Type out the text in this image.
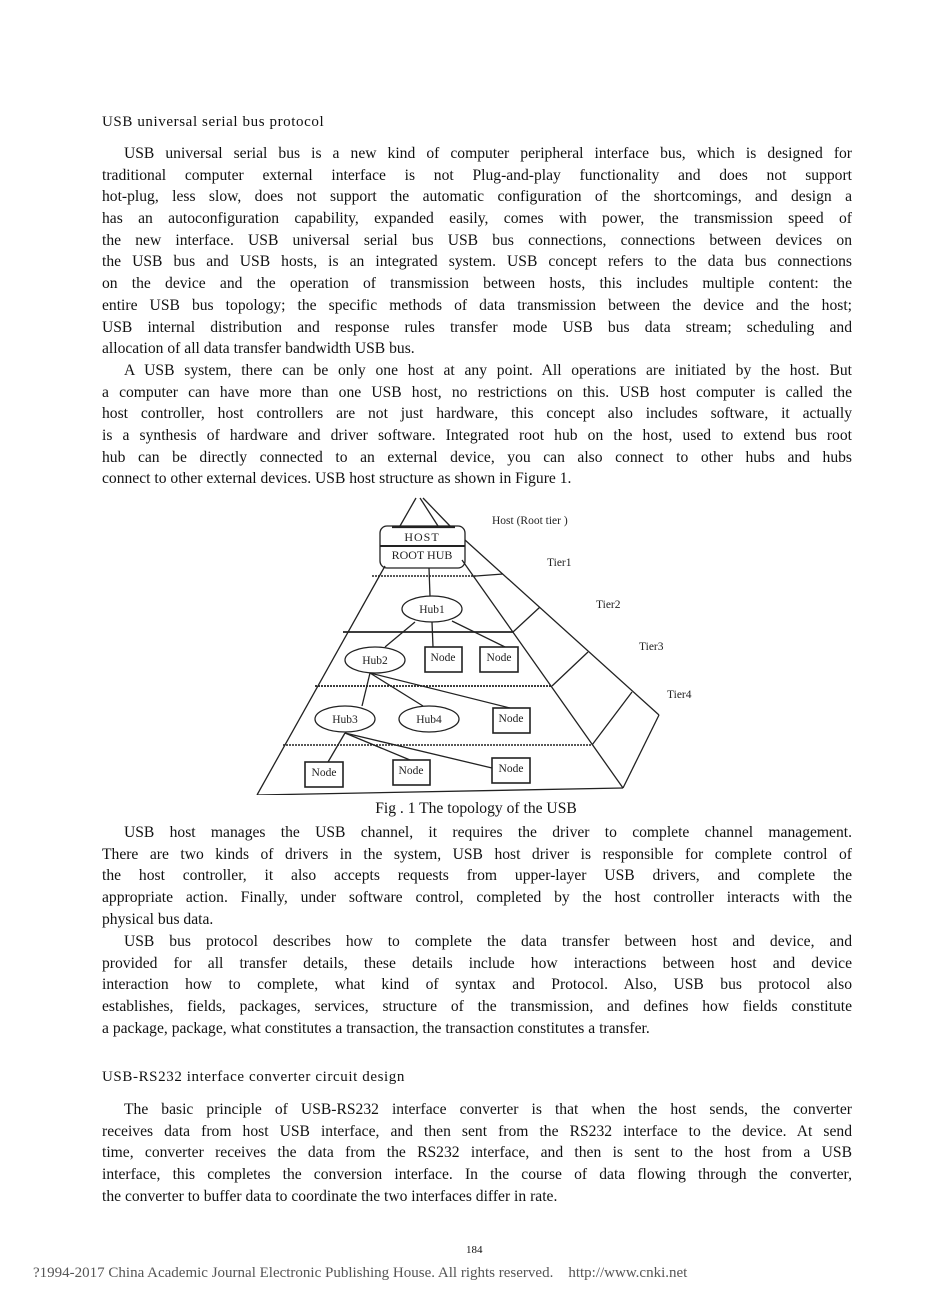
USB universal serial bus protocol
USB universal serial bus is a new kind of computer peripheral interface bus, which is designed for
traditional computer external interface is not Plug-and-play functionality and does not support
hot-plug, less slow, does not support the automatic configuration of the shortcomings, and design a
has an autoconfiguration capability, expanded easily, comes with power, the transmission speed of
the new interface. USB universal serial bus USB bus connections, connections between devices on
the USB bus and USB hosts, is an integrated system. USB concept refers to the data bus connections
on the device and the operation of transmission between hosts, this includes multiple content: the
entire USB bus topology; the specific methods of data transmission between the device and the host;
USB internal distribution and response rules transfer mode USB bus data stream; scheduling and
allocation of all data transfer bandwidth USB bus.
A USB system, there can be only one host at any point. All operations are initiated by the host. But
a computer can have more than one USB host, no restrictions on this. USB host computer is called the
host controller, host controllers are not just hardware, this concept also includes software, it actually
is a synthesis of hardware and driver software. Integrated root hub on the host, used to extend bus root
hub can be directly connected to an external device, you can also connect to other hubs and hubs
connect to other external devices. USB host structure as shown in Figure 1.
HOST
ROOT HUB
Host (Root tier )
Tier1
Tier2
Tier3
Tier4
Hub1
Hub2
Hub3	Hub4
Node	Node
Node
Node	Node	Node
Fig . 1 The topology of the USB
USB host manages the USB channel, it requires the driver to complete channel management.
There are two kinds of drivers in the system, USB host driver is responsible for complete control of
the host controller, it also accepts requests from upper-layer USB drivers, and complete the
appropriate action. Finally, under software control, completed by the host controller interacts with the
physical bus data.
USB bus protocol describes how to complete the data transfer between host and device, and
provided for all transfer details, these details include how interactions between host and device
interaction how to complete, what kind of syntax and Protocol. Also, USB bus protocol also
establishes, fields, packages, services, structure of the transmission, and defines how fields constitute
a package, package, what constitutes a transaction, the transaction constitutes a transfer.
USB-RS232 interface converter circuit design
The basic principle of USB-RS232 interface converter is that when the host sends, the converter
receives data from host USB interface, and then sent from the RS232 interface to the device. At send
time, converter receives the data from the RS232 interface, and then is sent to the host from a USB
interface, this completes the conversion interface. In the course of data flowing through the converter,
the converter to buffer data to coordinate the two interfaces differ in rate.
184
?1994-2017 China Academic Journal Electronic Publishing House. All rights reserved.    http://www.cnki.net
